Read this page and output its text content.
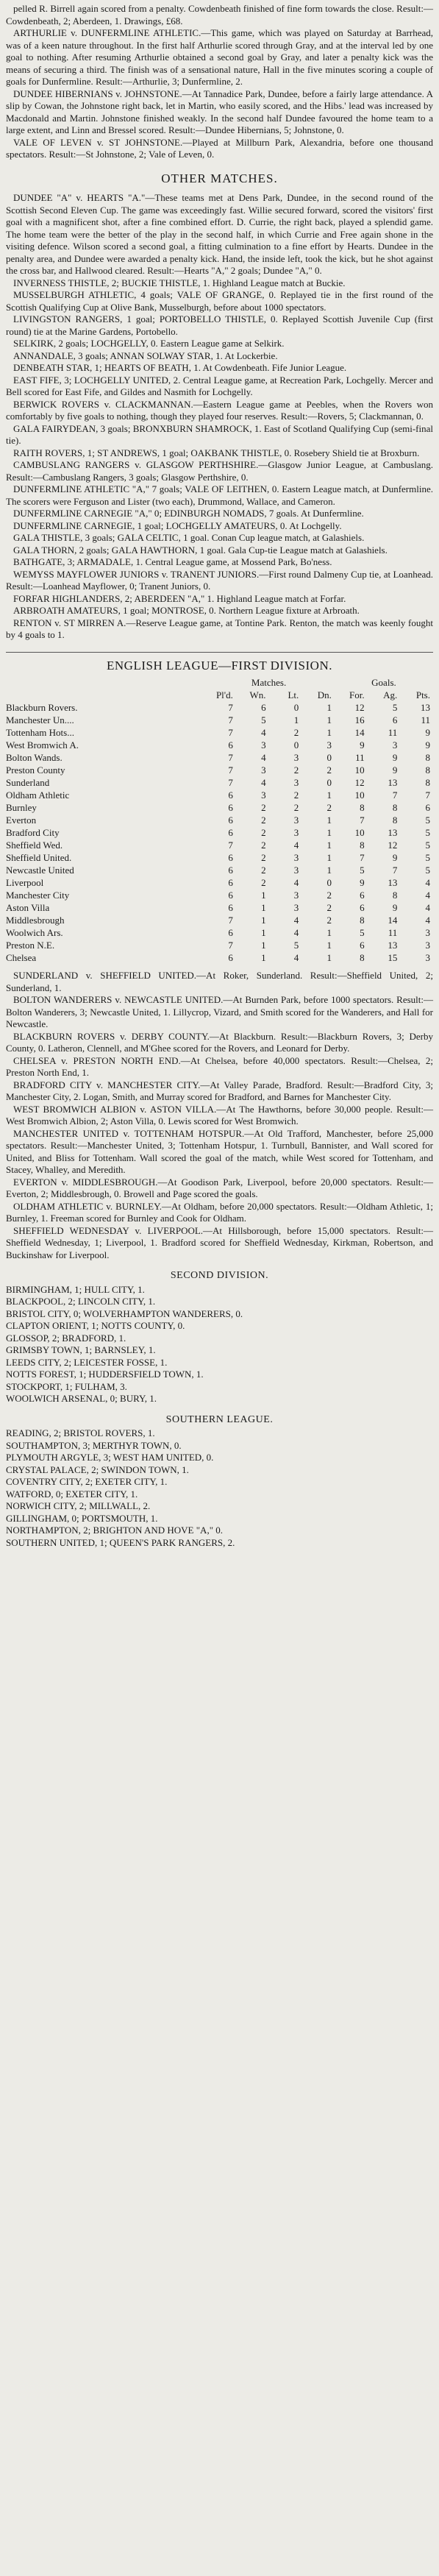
pelled R. Birrell again scored from a penalty. Cowdenbeath finished of fine form towards the close. Result:—Cowdenbeath, 2; Aberdeen, 1. Drawings, £68.

ARTHURLIE v. DUNFERMLINE ATHLETIC.—This game, which was played on Saturday at Barrhead, was of a keen nature throughout. In the first half Arthurlie scored through Gray, and at the interval led by one goal to nothing. After resuming Arthurlie obtained a second goal by Gray, and later a penalty kick was the means of securing a third. The finish was of a sensational nature, Hall in the five minutes scoring a couple of goals for Dunfermline. Result:—Arthurlie, 3; Dunfermline, 2.

DUNDEE HIBERNIANS v. JOHNSTONE.—At Tannadice Park, Dundee, before a fairly large attendance. A slip by Cowan, the Johnstone right back, let in Martin, who easily scored, and the Hibs.' lead was increased by Macdonald and Martin. Johnstone finished weakly. In the second half Dundee favoured the home team to a large extent, and Linn and Bressel scored. Result:—Dundee Hibernians, 5; Johnstone, 0.

VALE OF LEVEN v. ST JOHNSTONE.—Played at Millburn Park, Alexandria, before one thousand spectators. Result:—St Johnstone, 2; Vale of Leven, 0.

OTHER MATCHES.

DUNDEE "A" v. HEARTS "A."—These teams met at Dens Park, Dundee, in the second round of the Scottish Second Eleven Cup. The game was exceedingly fast. Willie secured forward, scored the visitors' first goal with a magnificent shot, after a fine combined effort. D. Currie, the right back, played a splendid game. The home team were the better of the play in the second half, in which Currie and Free again shone in the visiting defence. Wilson scored a second goal, a fitting culmination to a fine effort by Hearts. Dundee in the penalty area, and Dundee were awarded a penalty kick. Hand, the inside left, took the kick, but he shot against the cross bar, and Hallwood cleared. Result:—Hearts "A," 2 goals; Dundee "A," 0.

INVERNESS THISTLE, 2; BUCKIE THISTLE, 1. Highland League match at Buckie.

MUSSELBURGH ATHLETIC, 4 goals; VALE OF GRANGE, 0. Replayed tie in the first round of the Scottish Qualifying Cup at Olive Bank, Musselburgh, before about 1000 spectators.

LIVINGSTON RANGERS, 1 goal; PORTOBELLO THISTLE, 0. Replayed Scottish Juvenile Cup (first round) tie at the Marine Gardens, Portobello.

SELKIRK, 2 goals; LOCHGELLY, 0. Eastern League game at Selkirk.

ANNANDALE, 3 goals; ANNAN SOLWAY STAR, 1. At Lockerbie.

DENBEATH STAR, 1; HEARTS OF BEATH, 1. At Cowdenbeath. Fife Junior League.

EAST FIFE, 3; LOCHGELLY UNITED, 2. Central League game, at Recreation Park, Lochgelly. Mercer and Bell scored for East Fife, and Gildes and Nasmith for Lochgelly.

BERWICK ROVERS v. CLACKMANNAN.—Eastern League game at Peebles, when the Rovers won comfortably by five goals to nothing, though they played four reserves. Result:—Rovers, 5; Clackmannan, 0.

GALA FAIRYDEAN, 3 goals; BRONXBURN SHAMROCK, 1. East of Scotland Qualifying Cup (semi-final tie).

RAITH ROVERS, 1; ST ANDREWS, 1 goal; OAKBANK THISTLE, 0. Rosebery Shield tie at Broxburn.

CAMBUSLANG RANGERS v. GLASGOW PERTHSHIRE.—Glasgow Junior League, at Cambuslang. Result:—Cambuslang Rangers, 3 goals; Glasgow Perthshire, 0.

DUNFERMLINE ATHLETIC "A," 7 goals; VALE OF LEITHEN, 0. Eastern League match, at Dunfermline. The scorers were Ferguson and Lister (two each), Drummond, Wallace, and Cameron.

DUNFERMLINE CARNEGIE "A," 0; EDINBURGH NOMADS, 7 goals. At Dunfermline.

DUNFERMLINE CARNEGIE, 1 goal; LOCHGELLY AMATEURS, 0. At Lochgelly.

GALA THISTLE, 3 goals; GALA CELTIC, 1 goal. Conan Cup league match, at Galashiels.

GALA THORN, 2 goals; GALA HAWTHORN, 1 goal. Gala Cup-tie League match at Galashiels.

BATHGATE, 3; ARMADALE, 1. Central League game, at Mossend Park, Bo'ness.

WEMYSS MAYFLOWER JUNIORS v. TRANENT JUNIORS.—First round Dalmeny Cup tie, at Loanhead. Result:—Loanhead Mayflower, 0; Tranent Juniors, 0.

FORFAR HIGHLANDERS, 2; ABERDEEN "A," 1. Highland League match at Forfar.

ARBROATH AMATEURS, 1 goal; MONTROSE, 0. Northern League fixture at Arbroath.

RENTON v. ST MIRREN A.—Reserve League game, at Tontine Park. Renton, the match was keenly fought by 4 goals to 1.

ENGLISH LEAGUE—FIRST DIVISION.
	Matches.				Goals.		
	Pl'd.	Wn.	Lt.	Dn.	For.	Ag.	Pts.
Blackburn Rovers.	7	6	0	1	12	5	13
Manchester Un....	7	5	1	1	16	6	11
Tottenham Hots...	7	4	2	1	14	11	9
West Bromwich A.	6	3	0	3	9	3	9
Bolton Wands.	7	4	3	0	11	9	8
Preston County	7	3	2	2	10	9	8
Sunderland	7	4	3	0	12	13	8
Oldham Athletic	6	3	2	1	10	7	7
Burnley	6	2	2	2	8	8	6
Everton	6	2	3	1	7	8	5
Bradford City	6	2	3	1	10	13	5
Sheffield Wed.	7	2	4	1	8	12	5
Sheffield United.	6	2	3	1	7	9	5
Newcastle United	6	2	3	1	5	7	5
Liverpool	6	2	4	0	9	13	4
Manchester City	6	1	3	2	6	8	4
Aston Villa	6	1	3	2	6	9	4
Middlesbrough	7	1	4	2	8	14	4
Woolwich Ars.	6	1	4	1	5	11	3
Preston N.E.	7	1	5	1	6	13	3
Chelsea	6	1	4	1	8	15	3

SUNDERLAND v. SHEFFIELD UNITED.—At Roker, Sunderland. Result:—Sheffield United, 2; Sunderland, 1.

BOLTON WANDERERS v. NEWCASTLE UNITED.—At Burnden Park, before 1000 spectators. Result:—Bolton Wanderers, 3; Newcastle United, 1. Lillycrop, Vizard, and Smith scored for the Wanderers, and Hall for Newcastle.

BLACKBURN ROVERS v. DERBY COUNTY.—At Blackburn. Result:—Blackburn Rovers, 3; Derby County, 0. Latheron, Clennell, and M'Ghee scored for the Rovers, and Leonard for Derby.

CHELSEA v. PRESTON NORTH END.—At Chelsea, before 40,000 spectators. Result:—Chelsea, 2; Preston North End, 1.

BRADFORD CITY v. MANCHESTER CITY.—At Valley Parade, Bradford. Result:—Bradford City, 3; Manchester City, 2. Logan, Smith, and Murray scored for Bradford, and Barnes for Manchester City.

WEST BROMWICH ALBION v. ASTON VILLA.—At The Hawthorns, before 30,000 people. Result:—West Bromwich Albion, 2; Aston Villa, 0. Lewis scored for West Bromwich.

MANCHESTER UNITED v. TOTTENHAM HOTSPUR.—At Old Trafford, Manchester, before 25,000 spectators. Result:—Manchester United, 3; Tottenham Hotspur, 1. Turnbull, Bannister, and Wall scored for United, and Bliss for Tottenham. Wall scored the goal of the match, while West scored for Tottenham, and Stacey, Whalley, and Meredith.

EVERTON v. MIDDLESBROUGH.—At Goodison Park, Liverpool, before 20,000 spectators. Result:—Everton, 2; Middlesbrough, 0. Browell and Page scored the goals.

OLDHAM ATHLETIC v. BURNLEY.—At Oldham, before 20,000 spectators. Result:—Oldham Athletic, 1; Burnley, 1. Freeman scored for Burnley and Cook for Oldham.

SHEFFIELD WEDNESDAY v. LIVERPOOL.—At Hillsborough, before 15,000 spectators. Result:—Sheffield Wednesday, 1; Liverpool, 1. Bradford scored for Sheffield Wednesday, Kirkman, Robertson, and Buckinshaw for Liverpool.

SECOND DIVISION.

BIRMINGHAM, 1; HULL CITY, 1.

BLACKPOOL, 2; LINCOLN CITY, 1.

BRISTOL CITY, 0; WOLVERHAMPTON WANDERERS, 0.

CLAPTON ORIENT, 1; NOTTS COUNTY, 0.

GLOSSOP, 2; BRADFORD, 1.

GRIMSBY TOWN, 1; BARNSLEY, 1.

LEEDS CITY, 2; LEICESTER FOSSE, 1.

NOTTS FOREST, 1; HUDDERSFIELD TOWN, 1.

STOCKPORT, 1; FULHAM, 3.

WOOLWICH ARSENAL, 0; BURY, 1.

SOUTHERN LEAGUE.

READING, 2; BRISTOL ROVERS, 1.

SOUTHAMPTON, 3; MERTHYR TOWN, 0.

PLYMOUTH ARGYLE, 3; WEST HAM UNITED, 0.

CRYSTAL PALACE, 2; SWINDON TOWN, 1.

COVENTRY CITY, 2; EXETER CITY, 1.

WATFORD, 0; EXETER CITY, 1.

NORWICH CITY, 2; MILLWALL, 2.

GILLINGHAM, 0; PORTSMOUTH, 1.

NORTHAMPTON, 2; BRIGHTON AND HOVE "A," 0.

SOUTHERN UNITED, 1; QUEEN'S PARK RANGERS, 2.
